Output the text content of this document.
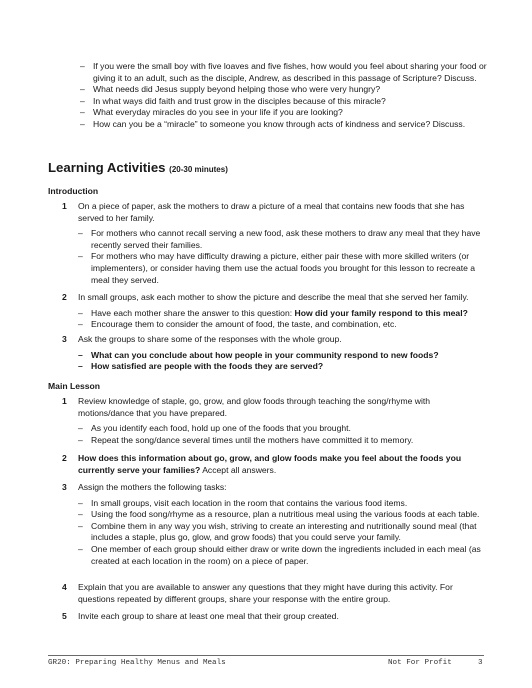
– If you were the small boy with five loaves and five fishes, how would you feel about sharing your food or giving it to an adult, such as the disciple, Andrew, as described in this passage of Scripture? Discuss.
– What needs did Jesus supply beyond helping those who were very hungry?
– In what ways did faith and trust grow in the disciples because of this miracle?
– What everyday miracles do you see in your life if you are looking?
– How can you be a “miracle” to someone you know through acts of kindness and service? Discuss.
Learning Activities (20-30 minutes)
Introduction
1 On a piece of paper, ask the mothers to draw a picture of a meal that contains new foods that she has served to her family.
– For mothers who cannot recall serving a new food, ask these mothers to draw any meal that they have recently served their families.
– For mothers who may have difficulty drawing a picture, either pair these with more skilled writers (or implementers), or consider having them use the actual foods you brought for this lesson to recreate a meal they served.
2 In small groups, ask each mother to show the picture and describe the meal that she served her family.
– Have each mother share the answer to this question: How did your family respond to this meal?
– Encourage them to consider the amount of food, the taste, and combination, etc.
3 Ask the groups to share some of the responses with the whole group.
– What can you conclude about how people in your community respond to new foods?
– How satisfied are people with the foods they are served?
Main Lesson
1 Review knowledge of staple, go, grow, and glow foods through teaching the song/rhyme with motions/dance that you have prepared.
– As you identify each food, hold up one of the foods that you brought.
– Repeat the song/dance several times until the mothers have committed it to memory.
2 How does this information about go, grow, and glow foods make you feel about the foods you currently serve your families? Accept all answers.
3 Assign the mothers the following tasks:
– In small groups, visit each location in the room that contains the various food items.
– Using the food song/rhyme as a resource, plan a nutritious meal using the various foods at each table.
– Combine them in any way you wish, striving to create an interesting and nutritionally sound meal (that includes a staple, plus go, glow, and grow foods) that you could serve your family.
– One member of each group should either draw or write down the ingredients included in each meal (as created at each location in the room) on a piece of paper.
4 Explain that you are available to answer any questions that they might have during this activity. For questions repeated by different groups, share your response with the entire group.
5 Invite each group to share at least one meal that their group created.
GR20: Preparing Healthy Menus and Meals	Not For Profit	3
